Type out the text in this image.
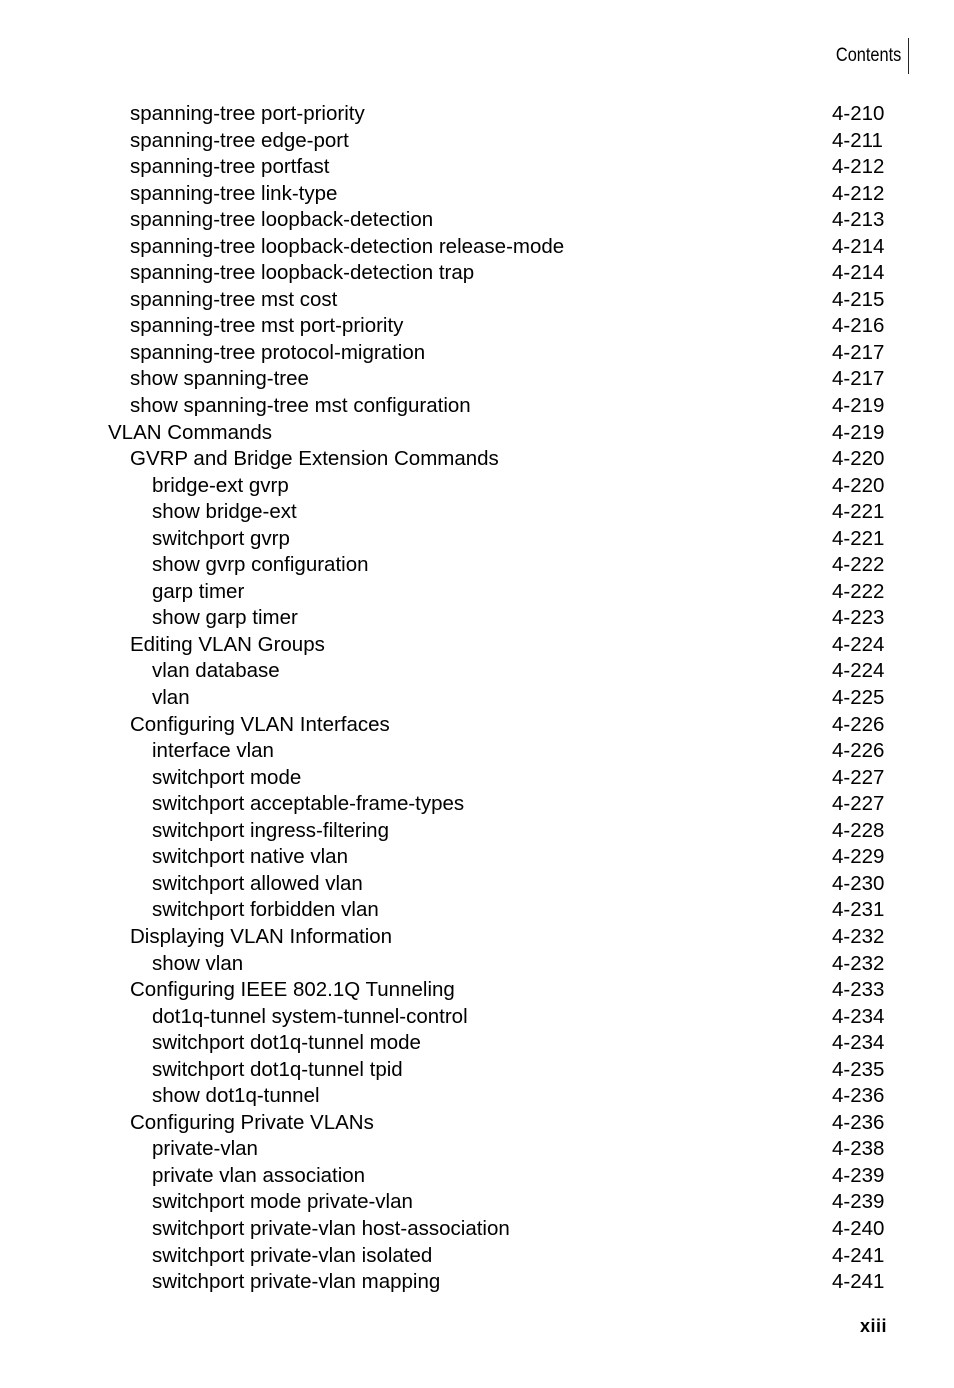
Contents
spanning-tree port-priority	4-210
spanning-tree edge-port	4-211
spanning-tree portfast	4-212
spanning-tree link-type	4-212
spanning-tree loopback-detection	4-213
spanning-tree loopback-detection release-mode	4-214
spanning-tree loopback-detection trap	4-214
spanning-tree mst cost	4-215
spanning-tree mst port-priority	4-216
spanning-tree protocol-migration	4-217
show spanning-tree	4-217
show spanning-tree mst configuration	4-219
VLAN Commands	4-219
GVRP and Bridge Extension Commands	4-220
bridge-ext gvrp	4-220
show bridge-ext	4-221
switchport gvrp	4-221
show gvrp configuration	4-222
garp timer	4-222
show garp timer	4-223
Editing VLAN Groups	4-224
vlan database	4-224
vlan	4-225
Configuring VLAN Interfaces	4-226
interface vlan	4-226
switchport mode	4-227
switchport acceptable-frame-types	4-227
switchport ingress-filtering	4-228
switchport native vlan	4-229
switchport allowed vlan	4-230
switchport forbidden vlan	4-231
Displaying VLAN Information	4-232
show vlan	4-232
Configuring IEEE 802.1Q Tunneling	4-233
dot1q-tunnel system-tunnel-control	4-234
switchport dot1q-tunnel mode	4-234
switchport dot1q-tunnel tpid	4-235
show dot1q-tunnel	4-236
Configuring Private VLANs	4-236
private-vlan	4-238
private vlan association	4-239
switchport mode private-vlan	4-239
switchport private-vlan host-association	4-240
switchport private-vlan isolated	4-241
switchport private-vlan mapping	4-241
xiii
